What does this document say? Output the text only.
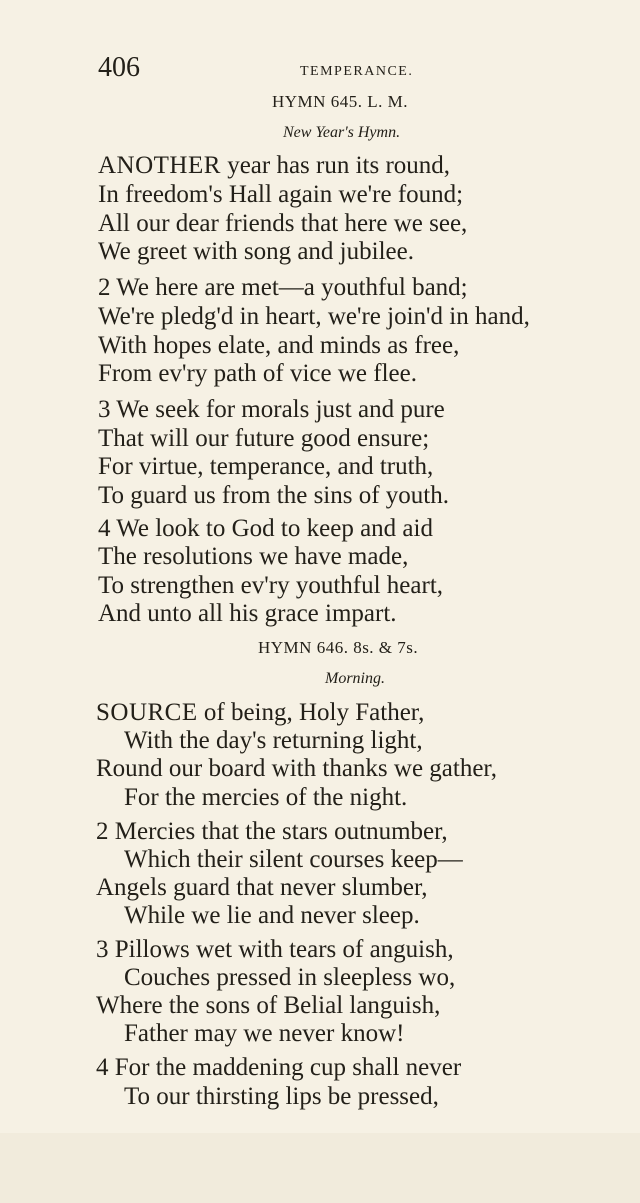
406	TEMPERANCE.
HYMN 645. L. M.
New Year's Hymn.
ANOTHER year has run its round,
In freedom's Hall again we're found;
All our dear friends that here we see,
We greet with song and jubilee.
2 We here are met—a youthful band;
We're pledg'd in heart, we're join'd in hand,
With hopes elate, and minds as free,
From ev'ry path of vice we flee.
3 We seek for morals just and pure
That will our future good ensure;
For virtue, temperance, and truth,
To guard us from the sins of youth.
4 We look to God to keep and aid
The resolutions we have made,
To strengthen ev'ry youthful heart,
And unto all his grace impart.
HYMN 646. 8s. & 7s.
Morning.
SOURCE of being, Holy Father,
With the day's returning light,
Round our board with thanks we gather,
For the mercies of the night.
2 Mercies that the stars outnumber,
Which their silent courses keep—
Angels guard that never slumber,
While we lie and never sleep.
3 Pillows wet with tears of anguish,
Couches pressed in sleepless wo,
Where the sons of Belial languish,
Father may we never know!
4 For the maddening cup shall never
To our thirsting lips be pressed,
